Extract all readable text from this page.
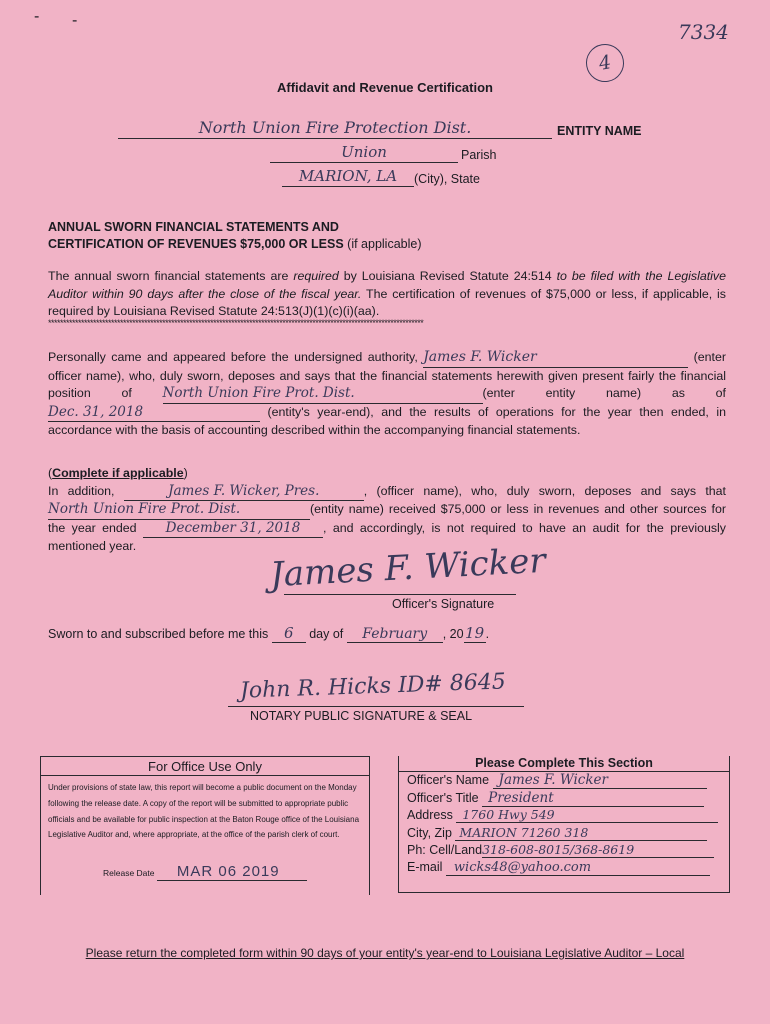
- -	7334
4
Affidavit and Revenue Certification
North Union Fire Protection Dist.	ENTITY NAME
Union	Parish
MARION, LA	(City), State
ANNUAL SWORN FINANCIAL STATEMENTS AND
CERTIFICATION OF REVENUES $75,000 OR LESS (if applicable)
The annual sworn financial statements are required by Louisiana Revised Statute 24:514 to be filed with the Legislative Auditor within 90 days after the close of the fiscal year. The certification of revenues of $75,000 or less, if applicable, is required by Louisiana Revised Statute 24:513(J)(1)(c)(i)(aa).
*****************************************************************************************************************************
Personally came and appeared before the undersigned authority, James F. Wicker	(enter officer name), who, duly sworn, deposes and says that the financial statements herewith given present fairly the financial position of North Union Fire Prot. Dist.	(enter entity name) as of Dec. 31, 2018	(entity's year-end), and the results of operations for the year then ended, in accordance with the basis of accounting described within the accompanying financial statements.
(Complete if applicable)
In addition,	James F. Wicker, Pres.	, (officer name), who, duly sworn, deposes and says that North Union Fire Prot. Dist.	(entity name) received $75,000 or less in revenues and other sources for the year ended December 31, 2018 , and accordingly, is not required to have an audit for the previously mentioned year.	James F. Wicker
Officer's Signature
Sworn to and subscribed before me this 6 day of February , 2019.
John R. Hicks ID# 8645
NOTARY PUBLIC SIGNATURE & SEAL
For Office Use Only
Under provisions of state law, this report will become a public document on the Monday following the release date. A copy of the report will be submitted to appropriate public officials and be available for public inspection at the Baton Rouge office of the Louisiana Legislative Auditor and, where appropriate, at the office of the parish clerk of court.
Release Date MAR 06 2019
Please Complete This Section
Officer's Name James F. Wicker
Officer's Title President
Address 1760 Hwy 549
City, Zip MARION 71260 318
Ph: Cell/Land318-608-8015/368-8619
E-mail wicks48@yahoo.com
Please return the completed form within 90 days of your entity's year-end to Louisiana Legislative Auditor – Local
